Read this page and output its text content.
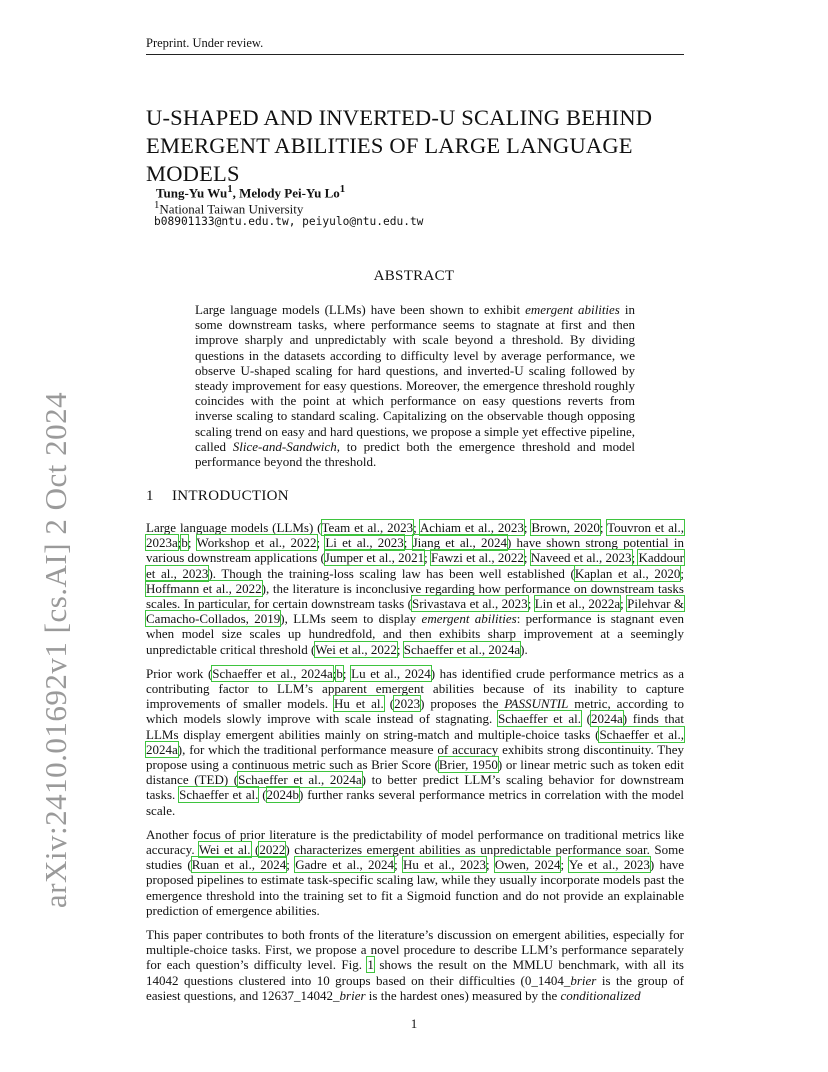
Preprint. Under review.
arXiv:2410.01692v1 [cs.AI] 2 Oct 2024
U-SHAPED AND INVERTED-U SCALING BEHIND
EMERGENT ABILITIES OF LARGE LANGUAGE MODELS
Tung-Yu Wu$^1$, Melody Pei-Yu Lo$^1$
$^1$National Taiwan University
b08901133@ntu.edu.tw, peiyulo@ntu.edu.tw
ABSTRACT
Large language models (LLMs) have been shown to exhibit emergent abilities in some downstream tasks, where performance seems to stagnate at first and then improve sharply and unpredictably with scale beyond a threshold. By dividing questions in the datasets according to difficulty level by average performance, we observe U-shaped scaling for hard questions, and inverted-U scaling followed by steady improvement for easy questions. Moreover, the emergence threshold roughly coincides with the point at which performance on easy questions reverts from inverse scaling to standard scaling. Capitalizing on the observable though opposing scaling trend on easy and hard questions, we propose a simple yet effective pipeline, called Slice-and-Sandwich, to predict both the emergence threshold and model performance beyond the threshold.
1 INTRODUCTION

Large language models (LLMs) (Team et al., 2023; Achiam et al., 2023; Brown, 2020; Touvron et al., 2023a;b; Workshop et al., 2022; Li et al., 2023; Jiang et al., 2024) have shown strong potential in various downstream applications (Jumper et al., 2021; Fawzi et al., 2022; Naveed et al., 2023; Kaddour et al., 2023). Though the training-loss scaling law has been well established (Kaplan et al., 2020; Hoffmann et al., 2022), the literature is inconclusive regarding how performance on downstream tasks scales. In particular, for certain downstream tasks (Srivastava et al., 2023; Lin et al., 2022a; Pilehvar & Camacho-Collados, 2019), LLMs seem to display emergent abilities: performance is stagnant even when model size scales up hundredfold, and then exhibits sharp improvement at a seemingly unpredictable critical threshold (Wei et al., 2022; Schaeffer et al., 2024a).

Prior work (Schaeffer et al., 2024a;b; Lu et al., 2024) has identified crude performance metrics as a contributing factor to LLM’s apparent emergent abilities because of its inability to capture improvements of smaller models. Hu et al. (2023) proposes the PASSUNTIL metric, according to which models slowly improve with scale instead of stagnating. Schaeffer et al. (2024a) finds that LLMs display emergent abilities mainly on string-match and multiple-choice tasks (Schaeffer et al., 2024a), for which the traditional performance measure of accuracy exhibits strong discontinuity. They propose using a continuous metric such as Brier Score (Brier, 1950) or linear metric such as token edit distance (TED) (Schaeffer et al., 2024a) to better predict LLM’s scaling behavior for downstream tasks. Schaeffer et al. (2024b) further ranks several performance metrics in correlation with the model scale.

Another focus of prior literature is the predictability of model performance on traditional metrics like accuracy. Wei et al. (2022) characterizes emergent abilities as unpredictable performance soar. Some studies (Ruan et al., 2024; Gadre et al., 2024; Hu et al., 2023; Owen, 2024; Ye et al., 2023) have proposed pipelines to estimate task-specific scaling law, while they usually incorporate models past the emergence threshold into the training set to fit a Sigmoid function and do not provide an explainable prediction of emergence abilities.

This paper contributes to both fronts of the literature’s discussion on emergent abilities, especially for multiple-choice tasks. First, we propose a novel procedure to describe LLM’s performance separately for each question’s difficulty level. Fig. 1 shows the result on the MMLU benchmark, with all its 14042 questions clustered into 10 groups based on their difficulties (0_1404_brier is the group of easiest questions, and 12637_14042_brier is the hardest ones) measured by the conditionalized

1
